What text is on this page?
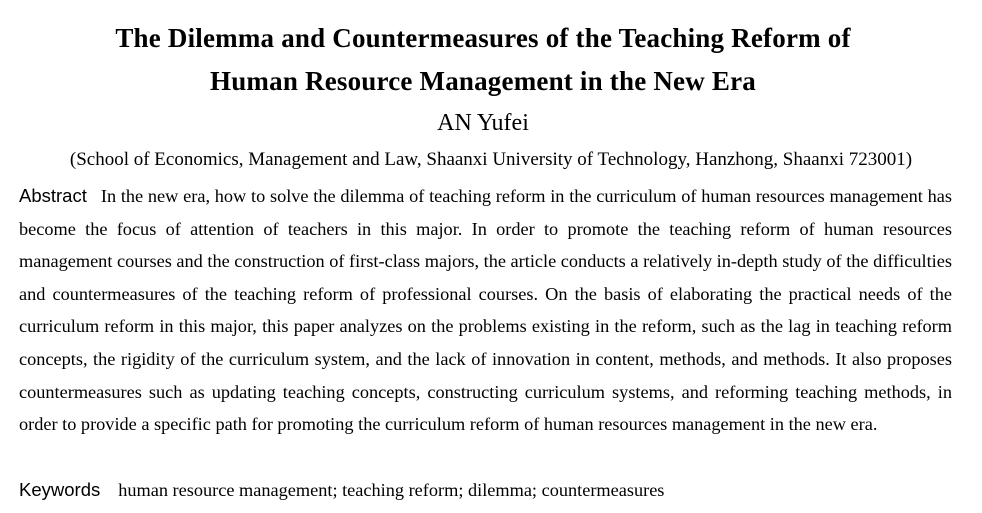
The Dilemma and Countermeasures of the Teaching Reform of
Human Resource Management in the New Era
AN Yufei
(School of Economics, Management and Law, Shaanxi University of Technology, Hanzhong, Shaanxi 723001)

Abstract In the new era, how to solve the dilemma of teaching reform in the curriculum of human resources management has become the focus of attention of teachers in this major. In order to promote the teaching reform of human resources management courses and the construction of first-class majors, the article conducts a relatively in-depth study of the difficulties and countermeasures of the teaching reform of professional courses. On the basis of elaborating the practical needs of the curriculum reform in this major, this paper analyzes on the problems existing in the reform, such as the lag in teaching reform concepts, the rigidity of the curriculum system, and the lack of innovation in content, methods, and methods. It also proposes countermeasures such as updating teaching concepts, constructing curriculum systems, and reforming teaching methods, in order to provide a specific path for promoting the curriculum reform of human resources management in the new era.

Keywords human resource management; teaching reform; dilemma; countermeasures
